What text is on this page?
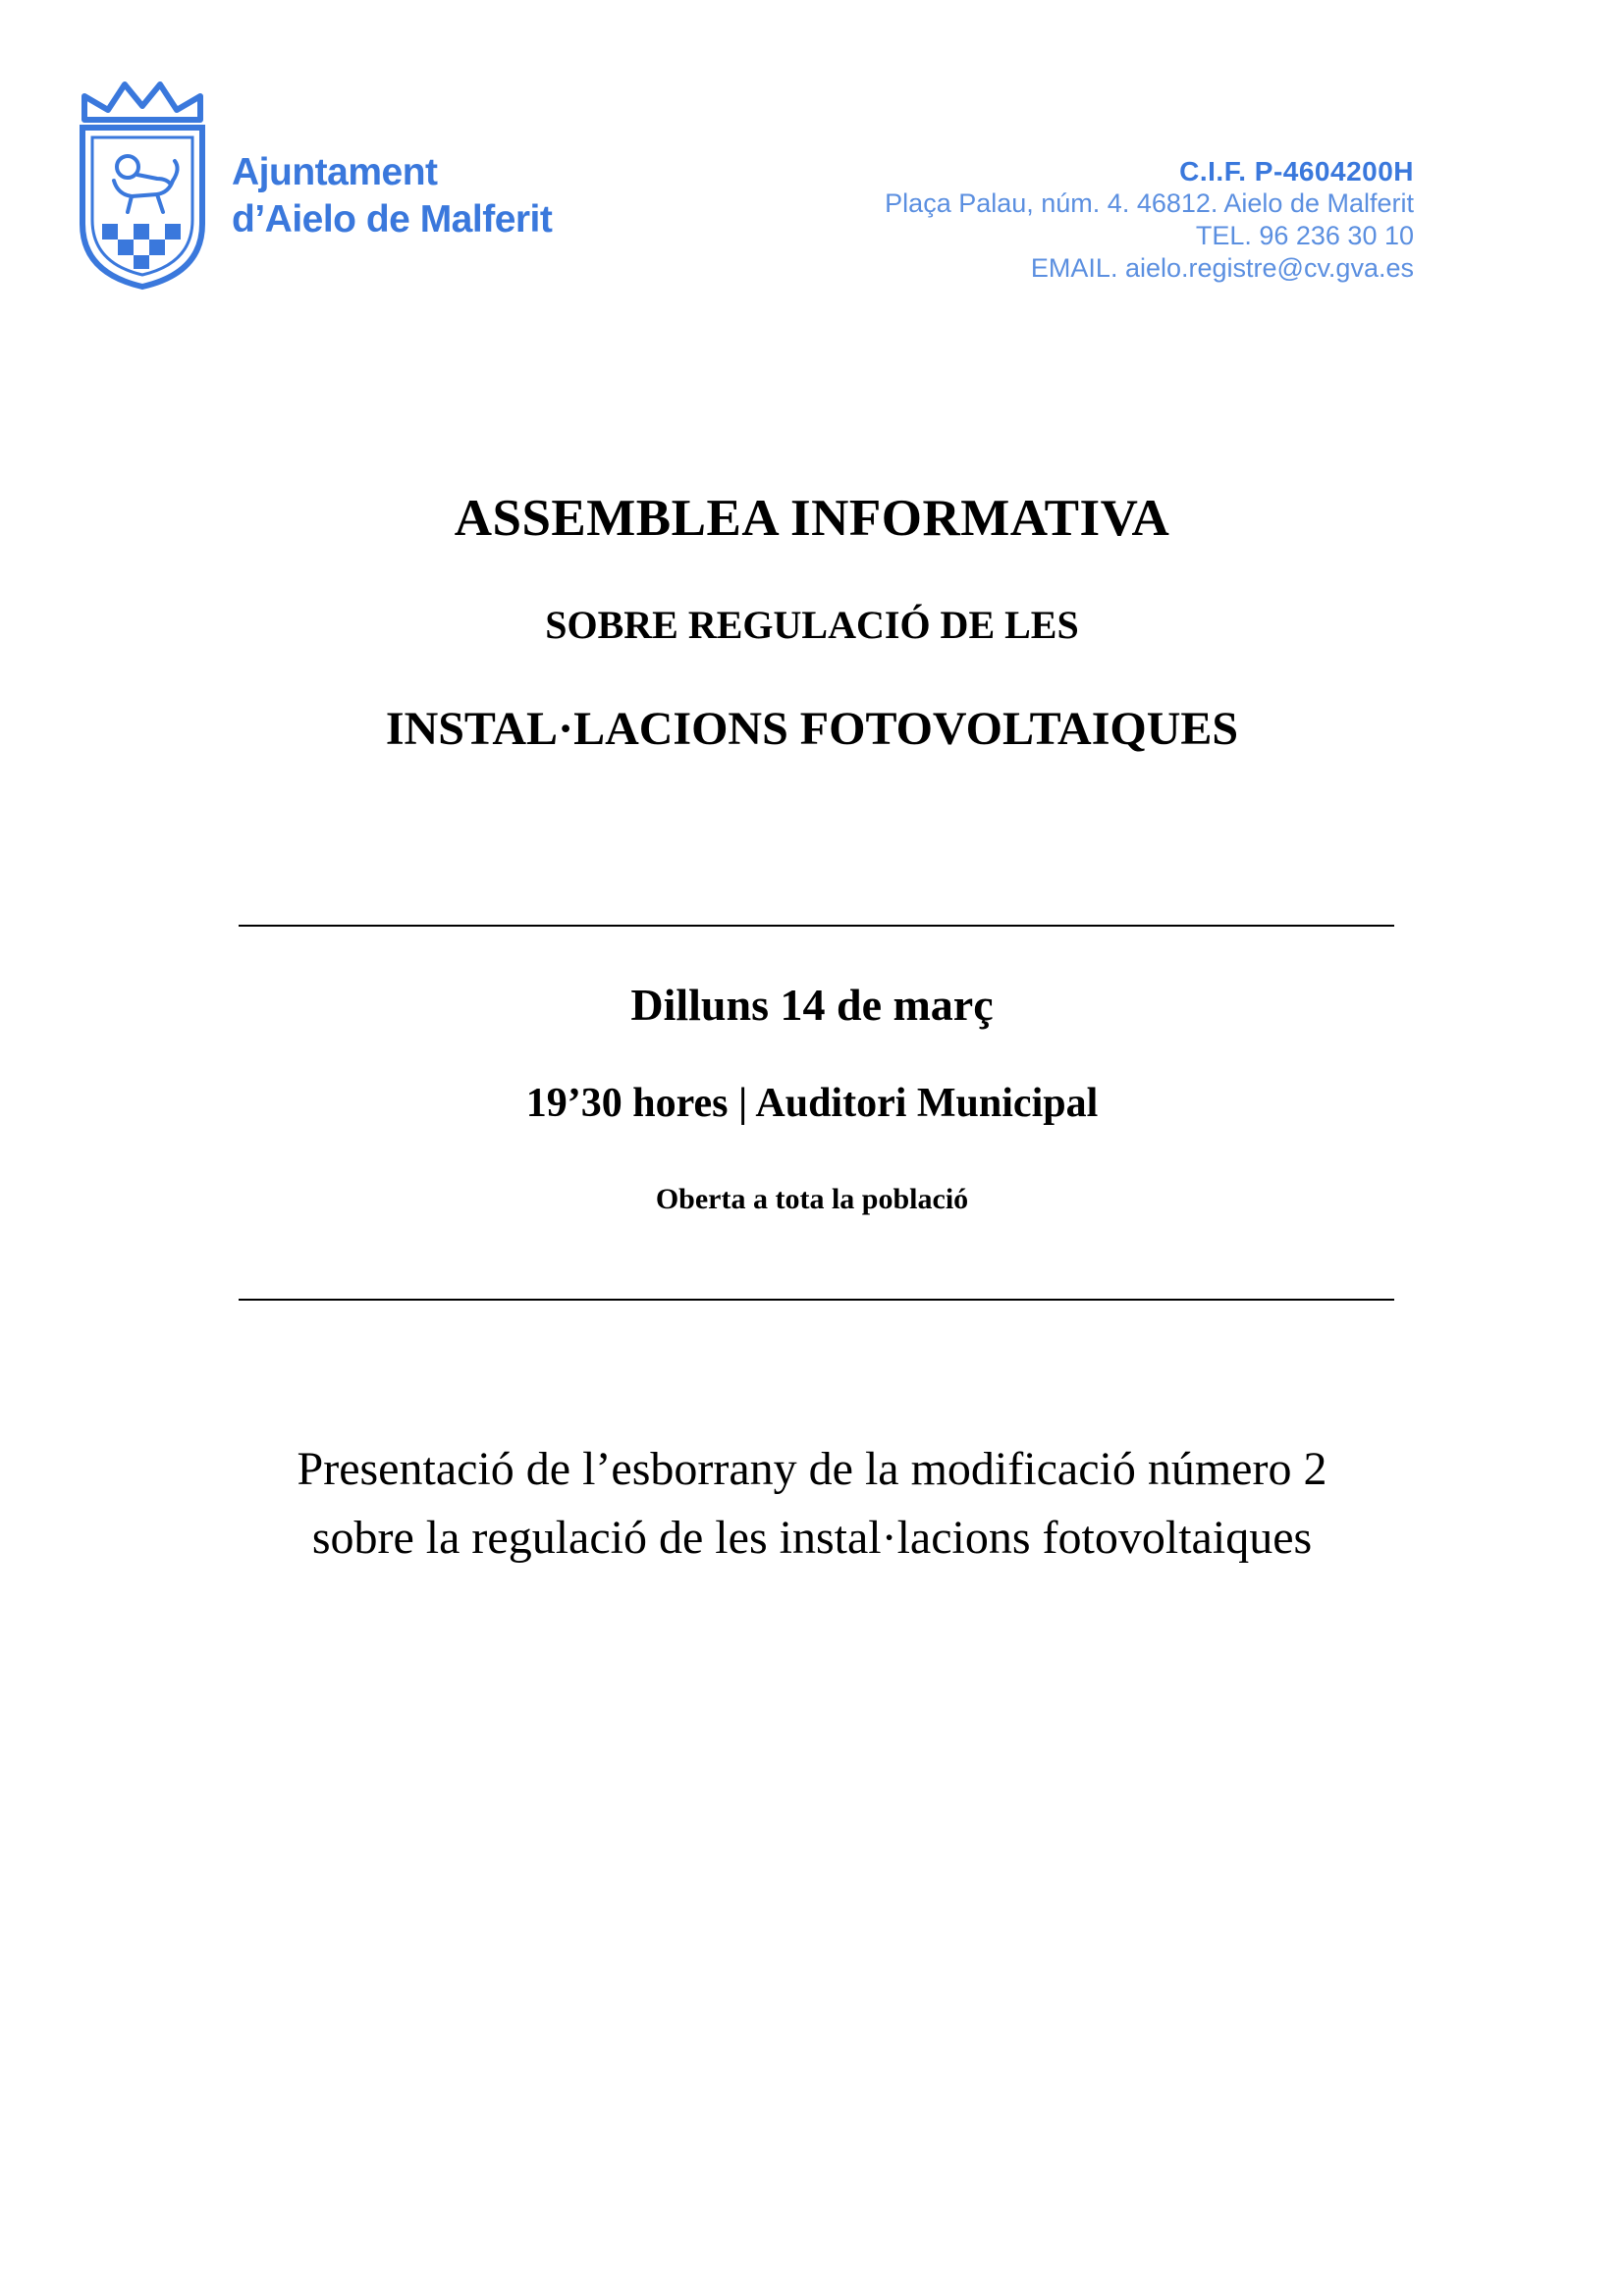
Ajuntament
d’Aielo de Malferit
C.I.F. P-4604200H
Plaça Palau, núm. 4. 46812. Aielo de Malferit
TEL. 96 236 30 10
EMAIL. aielo.registre@cv.gva.es
ASSEMBLEA INFORMATIVA
SOBRE REGULACIÓ DE LES
INSTAL·LACIONS FOTOVOLTAIQUES
Dilluns 14 de març
19’30 hores | Auditori Municipal
Oberta a tota la població
Presentació de l’esborrany de la modificació número 2
sobre la regulació de les instal·lacions fotovoltaiques
